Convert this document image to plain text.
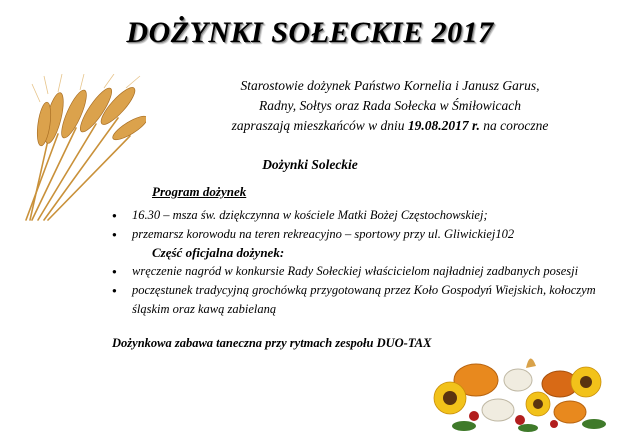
DOŻYNKI SOŁECKIE 2017
Starostowie dożynek Państwo Kornelia i Janusz Garus,
Radny, Sołtys oraz Rada Sołecka w Śmiłowicach
zapraszają mieszkańców w dniu 19.08.2017 r. na coroczne
Dożynki Soleckie
Program dożynek
● 16.30 – msza św. dziękczynna w kościele Matki Bożej Częstochowskiej;
● przemarsz korowodu na teren rekreacyjno – sportowy przy ul. Gliwickiej102
Część oficjalna dożynek:
● wręczenie nagród w konkursie Rady Sołeckiej właścicielom najładniej zadbanych posesji
● poczęstunek tradycyjną grochówką przygotowaną przez Koło Gospodyń Wiejskich, kołoczym śląskim oraz kawą zabielaną
Dożynkowa zabawa taneczna przy rytmach zespołu DUO-TAX
